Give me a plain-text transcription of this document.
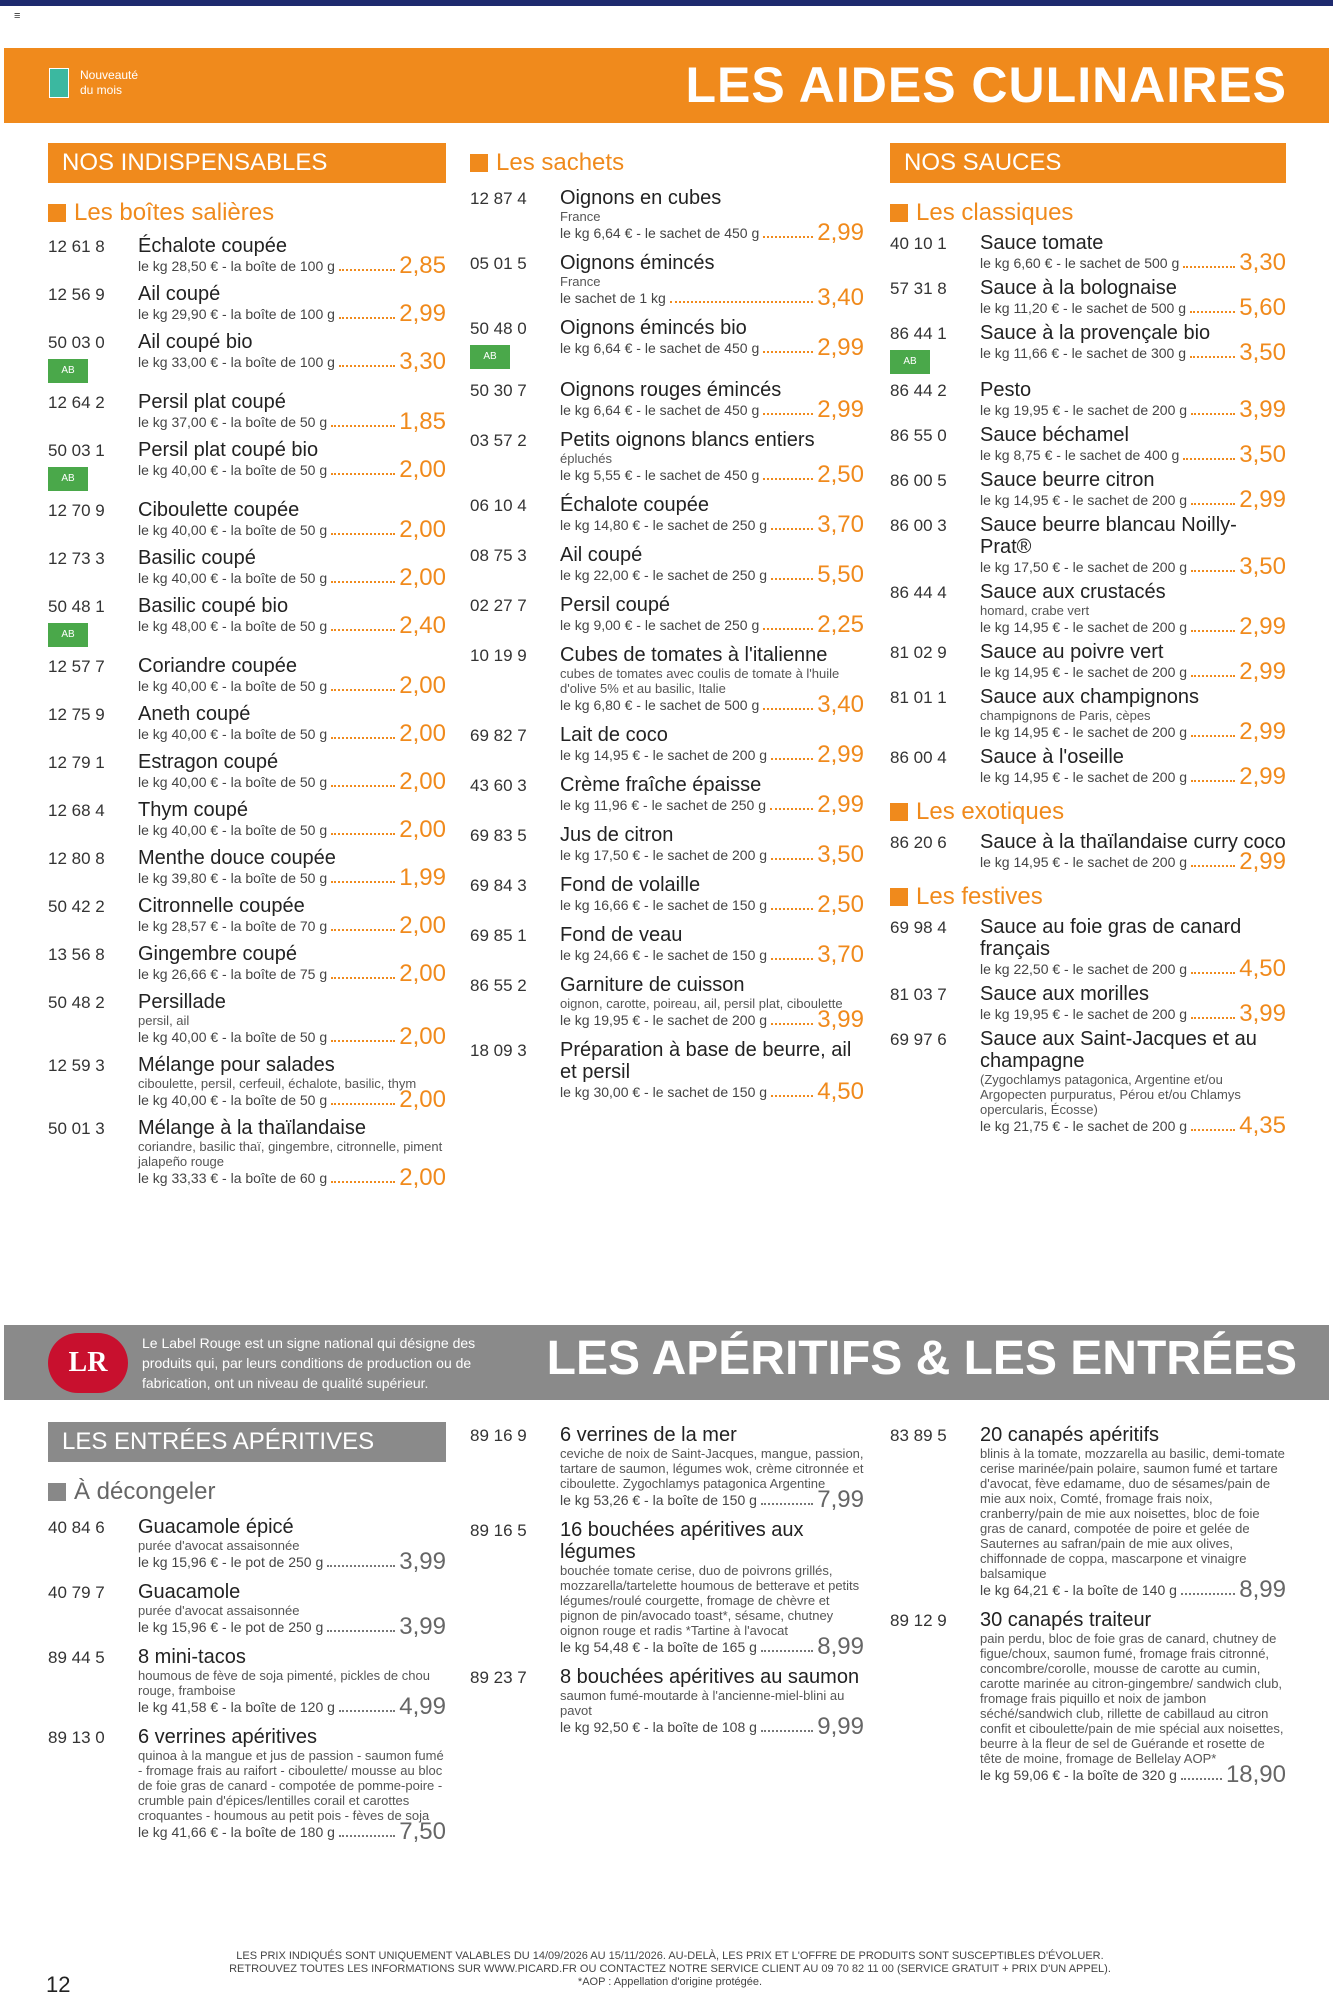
≡
Nouveauté
du mois	LES AIDES CULINAIRES
NOS INDISPENSABLES
Les boîtes salières
12 61 8	Échalote coupée
le kg 28,50 € - la boîte de 100 g	2,85
12 56 9	Ail coupé
le kg 29,90 € - la boîte de 100 g	2,99
50 03 0
AB
Ail coupé bio
le kg 33,00 € - la boîte de 100 g	3,30
12 64 2	Persil plat coupé
le kg 37,00 € - la boîte de 50 g	1,85
50 03 1
AB
Persil plat coupé bio
le kg 40,00 € - la boîte de 50 g	2,00
12 70 9	Ciboulette coupée
le kg 40,00 € - la boîte de 50 g	2,00
12 73 3	Basilic coupé
le kg 40,00 € - la boîte de 50 g	2,00
50 48 1
AB
Basilic coupé bio
le kg 48,00 € - la boîte de 50 g	2,40
12 57 7	Coriandre coupée
le kg 40,00 € - la boîte de 50 g	2,00
12 75 9	Aneth coupé
le kg 40,00 € - la boîte de 50 g	2,00
12 79 1	Estragon coupé
le kg 40,00 € - la boîte de 50 g	2,00
12 68 4	Thym coupé
le kg 40,00 € - la boîte de 50 g	2,00
12 80 8	Menthe douce coupée
le kg 39,80 € - la boîte de 50 g	1,99
50 42 2	Citronnelle coupée
le kg 28,57 € - la boîte de 70 g	2,00
13 56 8	Gingembre coupé
le kg 26,66 € - la boîte de 75 g	2,00
50 48 2	Persillade
persil, ail
le kg 40,00 € - la boîte de 50 g	2,00
12 59 3	Mélange pour salades
ciboulette, persil, cerfeuil, échalote, basilic, thym
le kg 40,00 € - la boîte de 50 g	2,00
50 01 3	Mélange à la thaïlandaise
coriandre, basilic thaï, gingembre, citronnelle, piment jalapeño rouge
le kg 33,33 € - la boîte de 60 g	2,00
Les sachets
12 87 4	Oignons en cubes
France
le kg 6,64 € - le sachet de 450 g 2,99
05 01 5	Oignons émincés
France
le sachet de 1 kg	3,40
50 48 0
AB
Oignons émincés bio
le kg 6,64 € - le sachet de 450 g 2,99
50 30 7	Oignons rouges émincés
le kg 6,64 € - le sachet de 450 g 2,99
03 57 2	Petits oignons blancs entiers
épluchés
le kg 5,55 € - le sachet de 450 g 2,50
06 10 4	Échalote coupée
le kg 14,80 € - le sachet de 250 g 3,70
08 75 3	Ail coupé
le kg 22,00 € - le sachet de 250 g 5,50
02 27 7	Persil coupé
le kg 9,00 € - le sachet de 250 g 2,25
10 19 9	Cubes de tomates à l'italienne
cubes de tomates avec coulis de tomate à l'huile d'olive 5% et au basilic, Italie
le kg 6,80 € - le sachet de 500 g 3,40
69 82 7	Lait de coco
le kg 14,95 € - le sachet de 200 g 2,99
43 60 3	Crème fraîche épaisse
le kg 11,96 € - le sachet de 250 g 2,99
69 83 5	Jus de citron
le kg 17,50 € - le sachet de 200 g 3,50
69 84 3	Fond de volaille
le kg 16,66 € - le sachet de 150 g 2,50
69 85 1	Fond de veau
le kg 24,66 € - le sachet de 150 g 3,70
86 55 2	Garniture de cuisson
oignon, carotte, poireau, ail, persil plat, ciboulette
le kg 19,95 € - le sachet de 200 g 3,99
18 09 3	Préparation à base de beurre, ail et persil
le kg 30,00 € - le sachet de 150 g 4,50
NOS SAUCES
Les classiques
40 10 1	Sauce tomate
le kg 6,60 € - le sachet de 500 g	3,30
57 31 8	Sauce à la bolognaise
le kg 11,20 € - le sachet de 500 g 5,60
86 44 1
AB
Sauce à la provençale bio
le kg 11,66 € - le sachet de 300 g 3,50
86 44 2	Pesto
le kg 19,95 € - le sachet de 200 g 3,99
86 55 0	Sauce béchamel
le kg 8,75 € - le sachet de 400 g	3,50
86 00 5	Sauce beurre citron
le kg 14,95 € - le sachet de 200 g 2,99
86 00 3	Sauce beurre blancau Noilly-Prat®
le kg 17,50 € - le sachet de 200 g 3,50
86 44 4	Sauce aux crustacés
homard, crabe vert
le kg 14,95 € - le sachet de 200 g 2,99
81 02 9	Sauce au poivre vert
le kg 14,95 € - le sachet de 200 g 2,99
81 01 1	Sauce aux champignons
champignons de Paris, cèpes
le kg 14,95 € - le sachet de 200 g 2,99
86 00 4	Sauce à l'oseille
le kg 14,95 € - le sachet de 200 g 2,99
Les exotiques
86 20 6	Sauce à la thaïlandaise curry coco
le kg 14,95 € - le sachet de 200 g 2,99
Les festives
69 98 4	Sauce au foie gras de canard français
le kg 22,50 € - le sachet de 200 g 4,50
81 03 7	Sauce aux morilles
le kg 19,95 € - le sachet de 200 g 3,99
69 97 6	Sauce aux Saint-Jacques et au champagne
(Zygochlamys patagonica, Argentine et/ou Argopecten purpuratus, Pérou et/ou Chlamys opercularis, Écosse)
le kg 21,75 € - le sachet de 200 g 4,35
LR
Le Label Rouge est un signe national qui désigne des produits qui, par leurs conditions de production ou de fabrication, ont un niveau de qualité supérieur.	LES APÉRITIFS & LES ENTRÉES
LES ENTRÉES APÉRITIVES
À décongeler
40 84 6	Guacamole épicé
purée d'avocat assaisonnée
le kg 15,96 € - le pot de 250 g	3,99
40 79 7	Guacamole
purée d'avocat assaisonnée
le kg 15,96 € - le pot de 250 g	3,99
89 44 5	8 mini-tacos
houmous de fève de soja pimenté, pickles de chou rouge, framboise
le kg 41,58 € - la boîte de 120 g	4,99
89 13 0	6 verrines apéritives
quinoa à la mangue et jus de passion - saumon fumé - fromage frais au raifort - ciboulette/ mousse au bloc de foie gras de canard - compotée de pomme-poire - crumble pain d'épices/lentilles corail et carottes croquantes - houmous au petit pois - fèves de soja
le kg 41,66 € - la boîte de 180 g	7,50
89 16 9	6 verrines de la mer
ceviche de noix de Saint-Jacques, mangue, passion, tartare de saumon, légumes wok, crème citronnée et ciboulette. Zygochlamys patagonica Argentine
le kg 53,26 € - la boîte de 150 g	7,99
89 16 5	16 bouchées apéritives aux légumes
bouchée tomate cerise, duo de poivrons grillés, mozzarella/tartelette houmous de betterave et petits légumes/roulé courgette, fromage de chèvre et pignon de pin/avocado toast*, sésame, chutney oignon rouge et radis *Tartine à l'avocat
le kg 54,48 € - la boîte de 165 g	8,99
89 23 7	8 bouchées apéritives au saumon
saumon fumé-moutarde à l'ancienne-miel-blini au pavot
le kg 92,50 € - la boîte de 108 g	9,99
83 89 5	20 canapés apéritifs
blinis à la tomate, mozzarella au basilic, demi-tomate cerise marinée/pain polaire, saumon fumé et tartare d'avocat, fève edamame, duo de sésames/pain de mie aux noix, Comté, fromage frais noix, cranberry/pain de mie aux noisettes, bloc de foie gras de canard, compotée de poire et gelée de Sauternes au safran/pain de mie aux olives, chiffonnade de coppa, mascarpone et vinaigre balsamique
le kg 64,21 € - la boîte de 140 g	8,99
89 12 9	30 canapés traiteur
pain perdu, bloc de foie gras de canard, chutney de figue/choux, saumon fumé, fromage frais citronné, concombre/corolle, mousse de carotte au cumin, carotte marinée au citron-gingembre/ sandwich club, fromage frais piquillo et noix de jambon séché/sandwich club, rillette de cabillaud au citron confit et ciboulette/pain de mie spécial aux noisettes, beurre à la fleur de sel de Guérande et rosette de tête de moine, fromage de Bellelay AOP*
le kg 59,06 € - la boîte de 320 g 18,90
12
LES PRIX INDIQUÉS SONT UNIQUEMENT VALABLES DU 14/09/2026 AU 15/11/2026. AU-DELÀ, LES PRIX ET L'OFFRE DE PRODUITS SONT SUSCEPTIBLES D'ÉVOLUER.
RETROUVEZ TOUTES LES INFORMATIONS SUR WWW.PICARD.FR OU CONTACTEZ NOTRE SERVICE CLIENT AU 09 70 82 11 00 (SERVICE GRATUIT + PRIX D'UN APPEL).
*AOP : Appellation d'origine protégée.
